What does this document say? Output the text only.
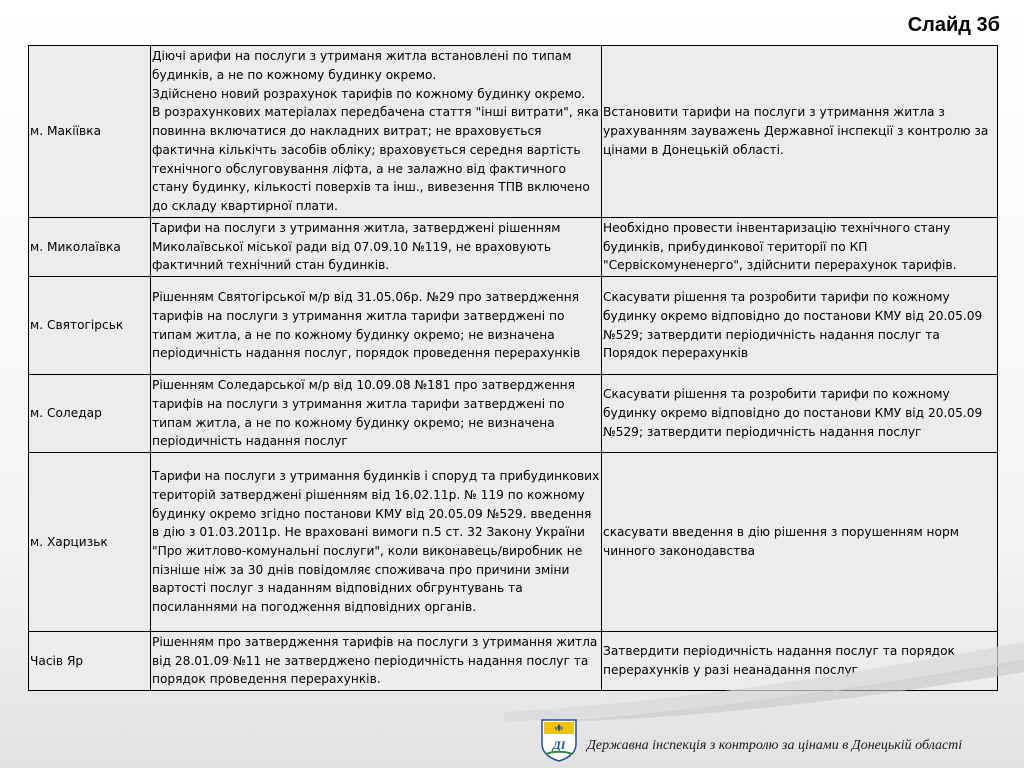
Слайд 3б
м. Макіївка	Діючі арифи на послуги з утриманя житла встановлені по типам будинків, а не по кожному будинку окремо.
Здійснено новий розрахунок тарифів по кожному будинку окремо.
В розрахункових матеріалах передбачена стаття "інші витрати", яка повинна включатися до накладних витрат; не враховується фактична кількічть засобів обліку; враховується середня вартість технічного обслуговування ліфта, а не залажно від фактичного стану будинку, кількості поверхів та інш., вивезення ТПВ включено до складу квартирної плати.	Встановити тарифи на послуги з утримання житла з урахуванням зауважень Державної інспекції з контролю за цінами в Донецькій області.
м. Миколаївка	Тарифи на послуги з утримання житла, затверджені рішенням Миколаївської міської ради від 07.09.10 №119, не враховують фактичний технічний стан будинків.	Необхідно провести інвентаризацію технічного стану будинків, прибудинкової території по КП "Сервіскомуненерго", здійснити перерахунок тарифів.
м. Святогірськ	Рішенням Святогірської м/р від 31.05.06р. №29 про затвердження тарифів на послуги з утримання житла тарифи затверджені по типам житла, а не по кожному будинку окремо; не визначена періодичність надання послуг, порядок проведення перерахунків	Скасувати рішення та розробити тарифи по кожному будинку окремо відповідно до постанови КМУ від 20.05.09 №529; затвердити періодичність надання послуг та Порядок перерахунків
м. Соледар	Рішенням Соледарської м/р від 10.09.08 №181 про затвердження тарифів на послуги з утримання житла тарифи затверджені по типам житла, а не по кожному будинку окремо; не визначена періодичність надання послуг	Скасувати рішення та розробити тарифи по кожному будинку окремо відповідно до постанови КМУ від 20.05.09 №529; затвердити періодичність надання послуг
м. Харцизьк	Тарифи на послуги з утримання будинків і споруд та прибудинкових територій затверджені рішенням від 16.02.11р. № 119 по кожному будинку окремо згідно постанови КМУ від 20.05.09 №529. введення в дію з 01.03.2011р. Не враховані вимоги п.5 ст. 32 Закону України "Про житлово-комунальні послуги", коли виконавець/виробник не пізніше ніж за 30 днів повідомляє споживача про причини зміни вартості послуг з наданням відповідних обгрунтувань та посиланнями на погодження відповідних органів.	скасувати введення в дію рішення з порушенням норм чинного законодавства
Часів Яр	Рішенням про затвердження тарифів на послуги з утримання житла від 28.01.09 №11 не затверджено періодичність надання послуг та порядок проведення перерахунків.	Затвердити періодичність надання послуг та порядок перерахунків у разі неанадання послуг
ДІ Державна інспекція з контролю за цінами в Донецькій області
